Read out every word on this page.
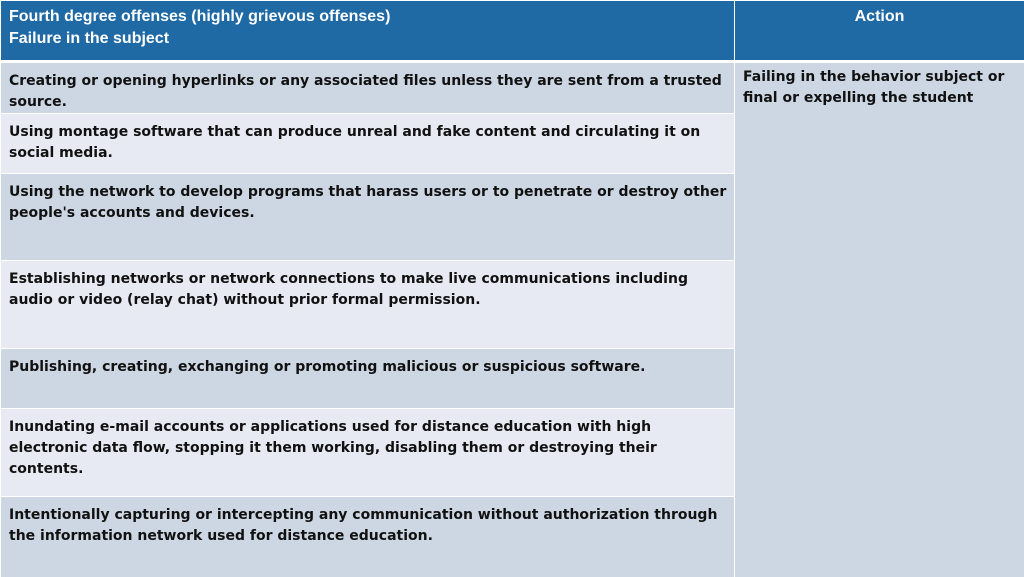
Fourth degree offenses (highly grievous offenses)
Failure in the subject	Action

Creating or opening hyperlinks or any associated files unless they are sent from a trusted source.	Failing in the behavior subject or final or expelling the student

Using montage software that can produce unreal and fake content and circulating it on social media.	

Using the network to develop programs that harass users or to penetrate or destroy other people's accounts and devices.	

Establishing networks or network connections to make live communications including audio or video (relay chat) without prior formal permission.	

Publishing, creating, exchanging or promoting malicious or suspicious software.	

Inundating e-mail accounts or applications used for distance education with high electronic data flow, stopping it them working, disabling them or destroying their contents.	

Intentionally capturing or intercepting any communication without authorization through the information network used for distance education.	
